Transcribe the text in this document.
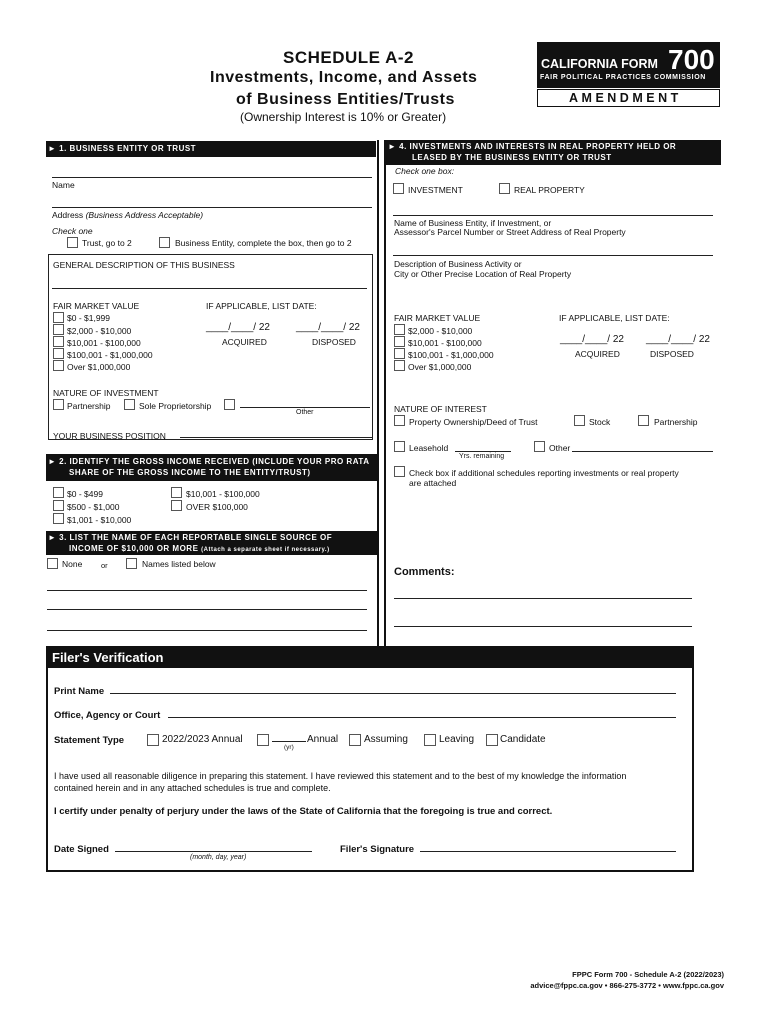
SCHEDULE A-2
Investments, Income, and Assets
of Business Entities/Trusts
(Ownership Interest is 10% or Greater)
CALIFORNIA FORM 700
FAIR POLITICAL PRACTICES COMMISSION
AMENDMENT
► 1. BUSINESS ENTITY OR TRUST
Name
Address (Business Address Acceptable)
Check one
Trust, go to 2	Business Entity, complete the box, then go to 2
GENERAL DESCRIPTION OF THIS BUSINESS
FAIR MARKET VALUE	IF APPLICABLE, LIST DATE:
$0 - $1,999
$2,000 - $10,000
$10,001 - $100,000
$100,001 - $1,000,000
Over $1,000,000
____/____/ 22	____/____/ 22
ACQUIRED	DISPOSED
NATURE OF INVESTMENT
Partnership	Sole Proprietorship
Other
YOUR BUSINESS POSITION
► 2. IDENTIFY THE GROSS INCOME RECEIVED (INCLUDE YOUR PRO RATA
SHARE OF THE GROSS INCOME TO THE ENTITY/TRUST)
$0 - $499
$500 - $1,000
$1,001 - $10,000
$10,001 - $100,000
OVER $100,000
► 3. LIST THE NAME OF EACH REPORTABLE SINGLE SOURCE OF
INCOME OF $10,000 OR MORE (Attach a separate sheet if necessary.)
None or	Names listed below
► 4. INVESTMENTS AND INTERESTS IN REAL PROPERTY HELD OR
LEASED BY THE BUSINESS ENTITY OR TRUST
Check one box:
INVESTMENT	REAL PROPERTY
Name of Business Entity, if Investment, or
Assessor's Parcel Number or Street Address of Real Property
Description of Business Activity or
City or Other Precise Location of Real Property
FAIR MARKET VALUE	IF APPLICABLE, LIST DATE:
$2,000 - $10,000
$10,001 - $100,000
$100,001 - $1,000,000
Over $1,000,000
____/____/ 22 ____/____/ 22
ACQUIRED	DISPOSED
NATURE OF INTEREST
Property Ownership/Deed of Trust	Stock	Partnership
Leasehold
Yrs. remaining
Other
Check box if additional schedules reporting investments or real property
are attached
Comments:
Filer's Verification
Print Name
Office, Agency or Court
Statement Type	2022/2023 Annual
(yr)
Annual	Assuming	Leaving	Candidate
I have used all reasonable diligence in preparing this statement. I have reviewed this statement and to the best of my knowledge the information
contained herein and in any attached schedules is true and complete.
I certify under penalty of perjury under the laws of the State of California that the foregoing is true and correct.
Date Signed
(month, day, year)
Filer's Signature
FPPC Form 700 - Schedule A-2 (2022/2023)
advice@fppc.ca.gov • 866-275-3772 • www.fppc.ca.gov
